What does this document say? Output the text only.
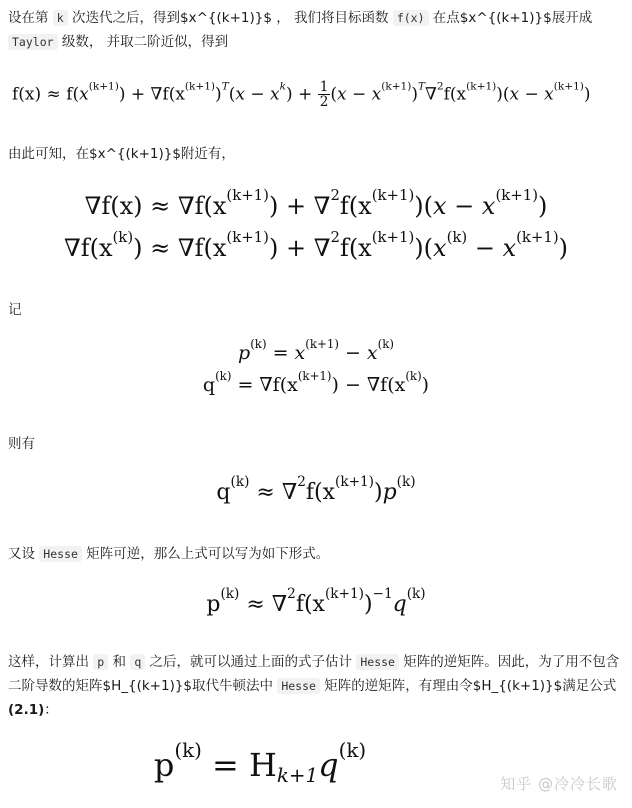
设在第 k 次迭代之后，得到$x^{(k+1)}$ ， 我们将目标函数 f(x) 在点$x^{(k+1)}$展开成
Taylor 级数， 并取二阶近似，得到
$f(x) \approx f(x^{(k+1)}) + \nabla f(x^{(k+1)})^T(x - x^k) + \frac{1}{2} (x - x^{(k+1)})^T\nabla^2f(x^{(k+1)})(x - x^{(k+1)})$
由此可知，在$x^{(k+1)}$附近有，
$\nabla f(x) \approx \nabla f(x^{(k+1)}) + \nabla^2f(x^{(k+1)})(x - x^{(k+1)})$
$\nabla f(x^{(k)}) \approx \nabla f(x^{(k+1)}) + \nabla^2f(x^{(k+1)})(x^{(k)} - x^{(k+1)})$
记
$p^{(k)} = x^{(k+1)} - x^{(k)}$
$q^{(k)} = \nabla f(x^{(k+1)}) - \nabla f(x^{(k)})$
则有
$q^{(k)} \approx \nabla^2f(x^{(k+1)})p^{(k)}$
又设 Hesse 矩阵可逆，那么上式可以写为如下形式。
$p^{(k)} \approx \nabla^2f(x^{(k+1)})^{-1}q^{(k)}$
这样，计算出 p 和 q 之后，就可以通过上面的式子估计 Hesse 矩阵的逆矩阵。因此，为了用不包含二阶导数的矩阵$H_{(k+1)}$取代牛顿法中 Hesse 矩阵的逆矩阵，有理由令$H_{(k+1)}$满足公式 (2.1)：
$p^{(k)} = H_{k+1}q^{(k)}$
知乎 @冷冷长歌
